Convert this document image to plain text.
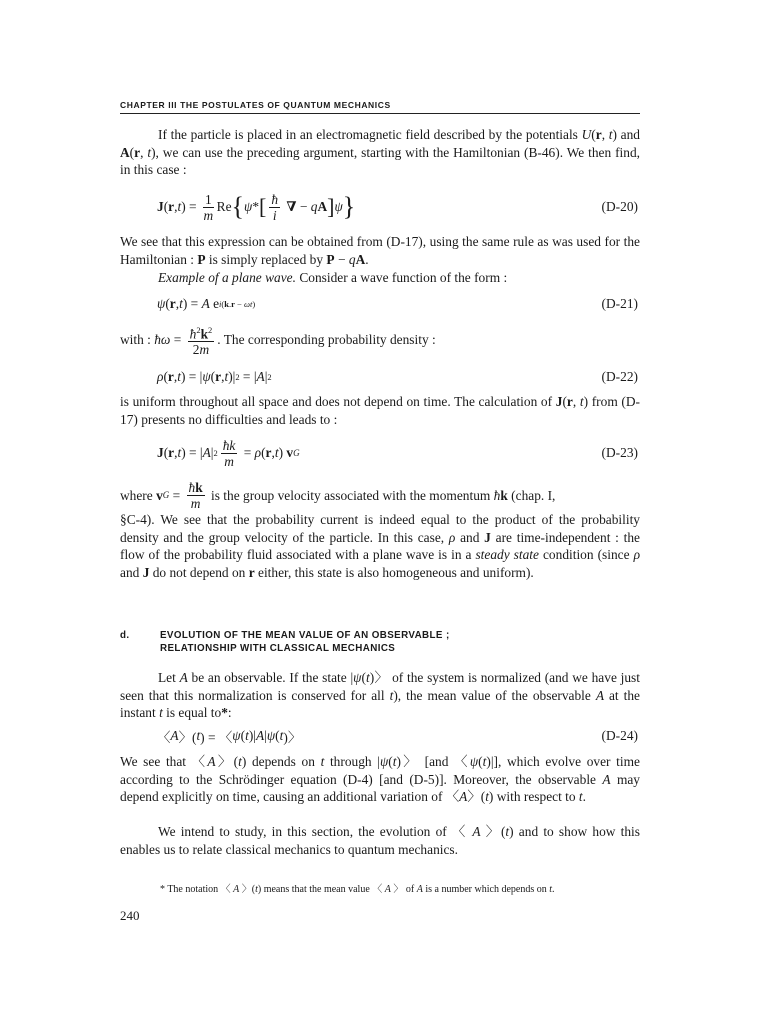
CHAPTER III THE POSTULATES OF QUANTUM MECHANICS
If the particle is placed in an electromagnetic field described by the potentials U(r, t) and A(r, t), we can use the preceding argument, starting with the Hamiltonian (B-46). We then find, in this case :
J ( r , t ) = $\frac{1}{m}$ Re { ψ * [ $\frac{ħ}{i}$
∇ − q A ] ψ }	(D-20)
We see that this expression can be obtained from (D-17), using the same rule as was used for the Hamiltonian : P is simply replaced by P − qA.
Example of a plane wave. Consider a wave function of the form :
ψ ( r , t ) = A e i(k.r − ωt)	(D-21)
with : ħω = $\frac{ħ^2k^2}{2m}$ . The corresponding probability density :
ρ ( r , t ) = | ψ ( r , t )| 2 = | A | 2	(D-22)
is uniform throughout all space and does not depend on time. The calculation of J(r, t) from (D-17) presents no difficulties and leads to :
J ( r , t ) = | A | $2 \frac{ħk}{m} = \rho$ ( r , t ) v G	(D-23)
where v $G = \frac{ħk}{m}$ is the group velocity associated with the momentum ħ k (chap. I,
§C-4). We see that the probability current is indeed equal to the product of the probability density and the group velocity of the particle. In this case, ρ and J are time-independent : the flow of the probability fluid associated with a plane wave is in a steady state condition (since ρ and J do not depend on r either, this state is also homogeneous and uniform).
d.	EVOLUTION OF THE MEAN VALUE OF AN OBSERVABLE ;
RELATIONSHIP WITH CLASSICAL MECHANICS
Let A be an observable. If the state |ψ(t)〉 of the system is normalized (and we have just seen that this normalization is conserved for all t), the mean value of the observable A at the instant t is equal to*:
〈 A 〉( t ) = 〈 ψ ( t )| A | ψ ( t )〉	(D-24)
We see that 〈A〉(t) depends on t through |ψ(t)〉 [and 〈ψ(t)|], which evolve over time according to the Schrödinger equation (D-4) [and (D-5)]. Moreover, the observable A may depend explicitly on time, causing an additional variation of 〈A〉(t) with respect to t.
We intend to study, in this section, the evolution of 〈 A 〉(t) and to show how this enables us to relate classical mechanics to quantum mechanics.
* The notation 〈 A 〉(t) means that the mean value 〈 A 〉 of A is a number which depends on t.
240
